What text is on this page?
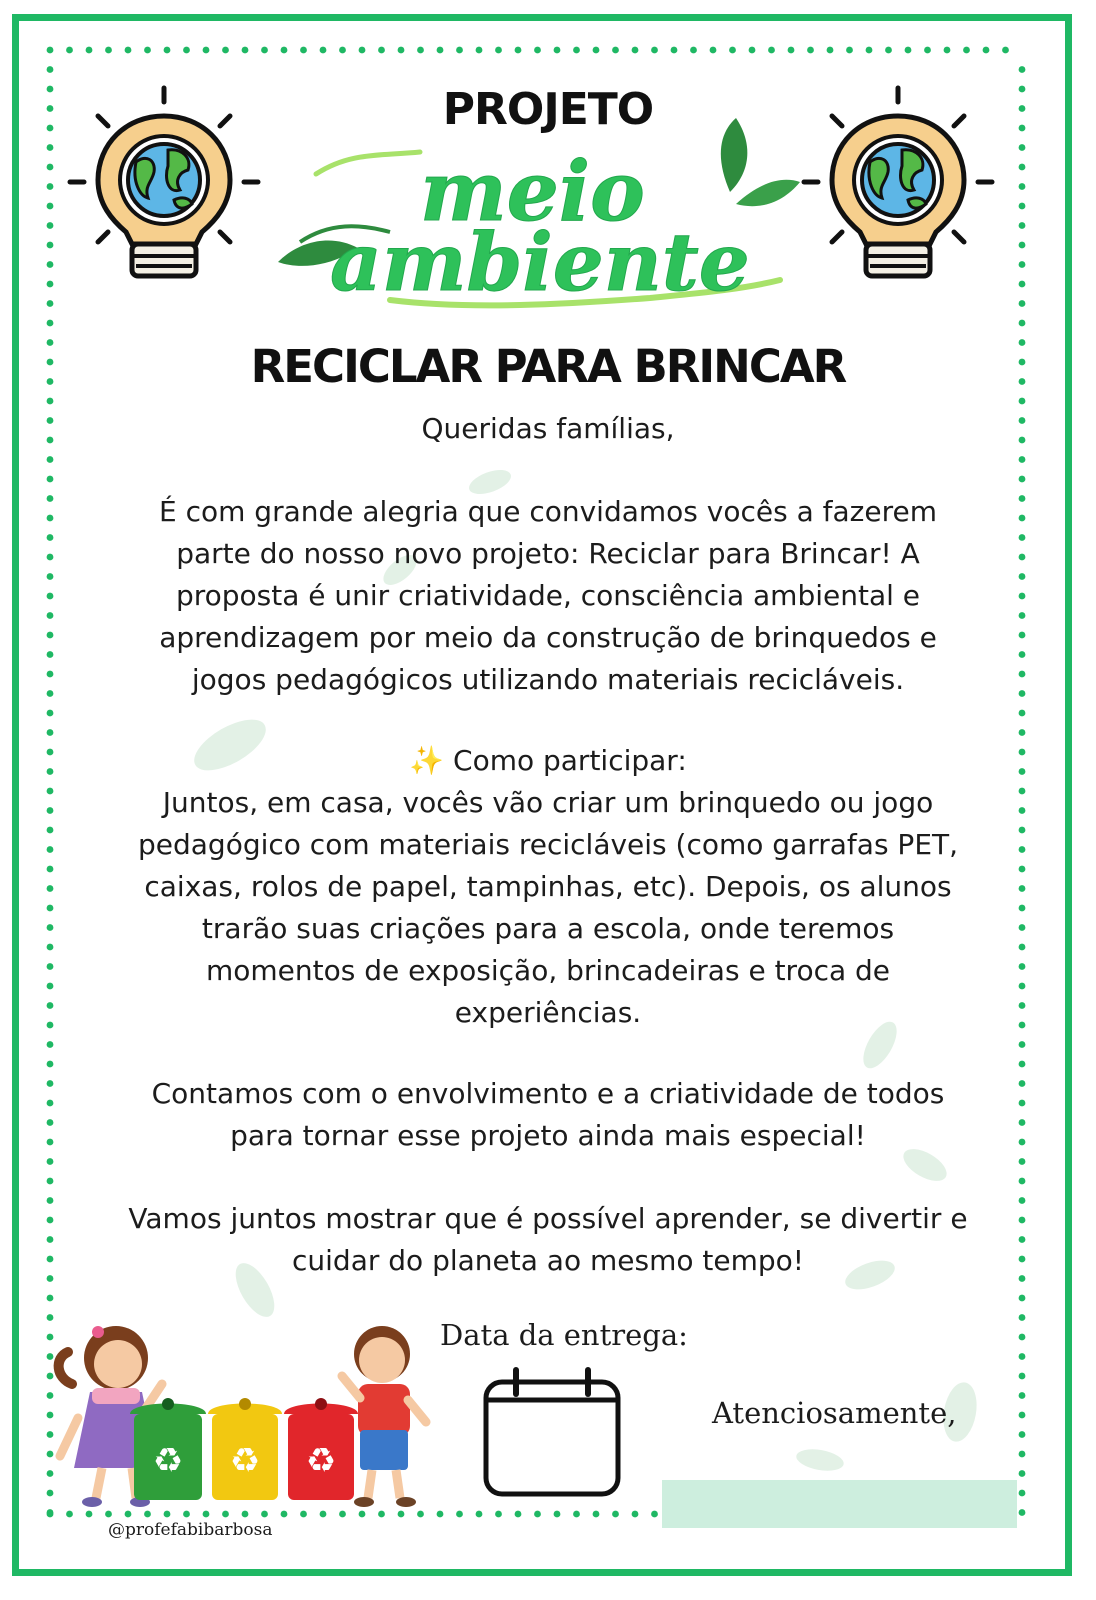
PROJETO
meio
ambiente
RECICLAR PARA BRINCAR
Queridas famílias,
É com grande alegria que convidamos vocês a fazerem
parte do nosso novo projeto: Reciclar para Brincar! A
proposta é unir criatividade, consciência ambiental e
aprendizagem por meio da construção de brinquedos e
jogos pedagógicos utilizando materiais recicláveis.
✨ Como participar:
Juntos, em casa, vocês vão criar um brinquedo ou jogo
pedagógico com materiais recicláveis (como garrafas PET,
caixas, rolos de papel, tampinhas, etc). Depois, os alunos
trarão suas criações para a escola, onde teremos
momentos de exposição, brincadeiras e troca de
experiências.
Contamos com o envolvimento e a criatividade de todos
para tornar esse projeto ainda mais especial!
Vamos juntos mostrar que é possível aprender, se divertir e
cuidar do planeta ao mesmo tempo!
Data da entrega:
Atenciosamente,
♻ ♻ ♻
@profefabibarbosa
